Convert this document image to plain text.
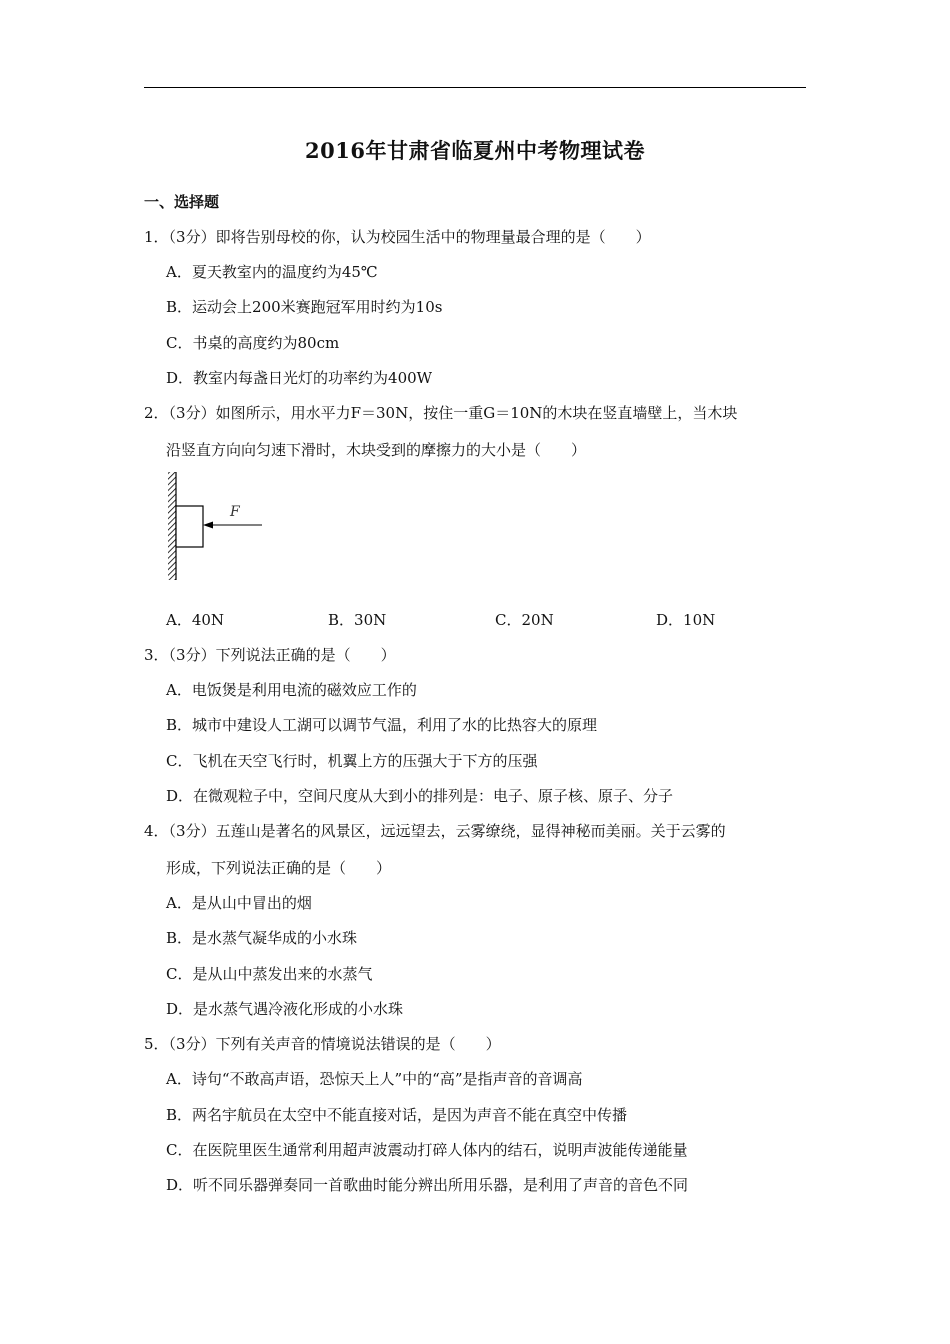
2016年甘肃省临夏州中考物理试卷
一、选择题
1．（3分）即将告别母校的你，认为校园生活中的物理量最合理的是（　　）
A．夏天教室内的温度约为45℃
B．运动会上200米赛跑冠军用时约为10s
C．书桌的高度约为80cm
D．教室内每盏日光灯的功率约为400W
2．（3分）如图所示，用水平力F＝30N，按住一重G＝10N的木块在竖直墙壁上，当木块
沿竖直方向向匀速下滑时，木块受到的摩擦力的大小是（　　）
F
A．40N	B．30N	C．20N	D．10N
3．（3分）下列说法正确的是（　　）
A．电饭煲是利用电流的磁效应工作的
B．城市中建设人工湖可以调节气温，利用了水的比热容大的原理
C．飞机在天空飞行时，机翼上方的压强大于下方的压强
D．在微观粒子中，空间尺度从大到小的排列是：电子、原子核、原子、分子
4．（3分）五莲山是著名的风景区，远远望去，云雾缭绕，显得神秘而美丽。关于云雾的
形成，下列说法正确的是（　　）
A．是从山中冒出的烟
B．是水蒸气凝华成的小水珠
C．是从山中蒸发出来的水蒸气
D．是水蒸气遇冷液化形成的小水珠
5．（3分）下列有关声音的情境说法错误的是（　　）
A．诗句“不敢高声语，恐惊天上人”中的“高”是指声音的音调高
B．两名宇航员在太空中不能直接对话，是因为声音不能在真空中传播
C．在医院里医生通常利用超声波震动打碎人体内的结石，说明声波能传递能量
D．听不同乐器弹奏同一首歌曲时能分辨出所用乐器，是利用了声音的音色不同
